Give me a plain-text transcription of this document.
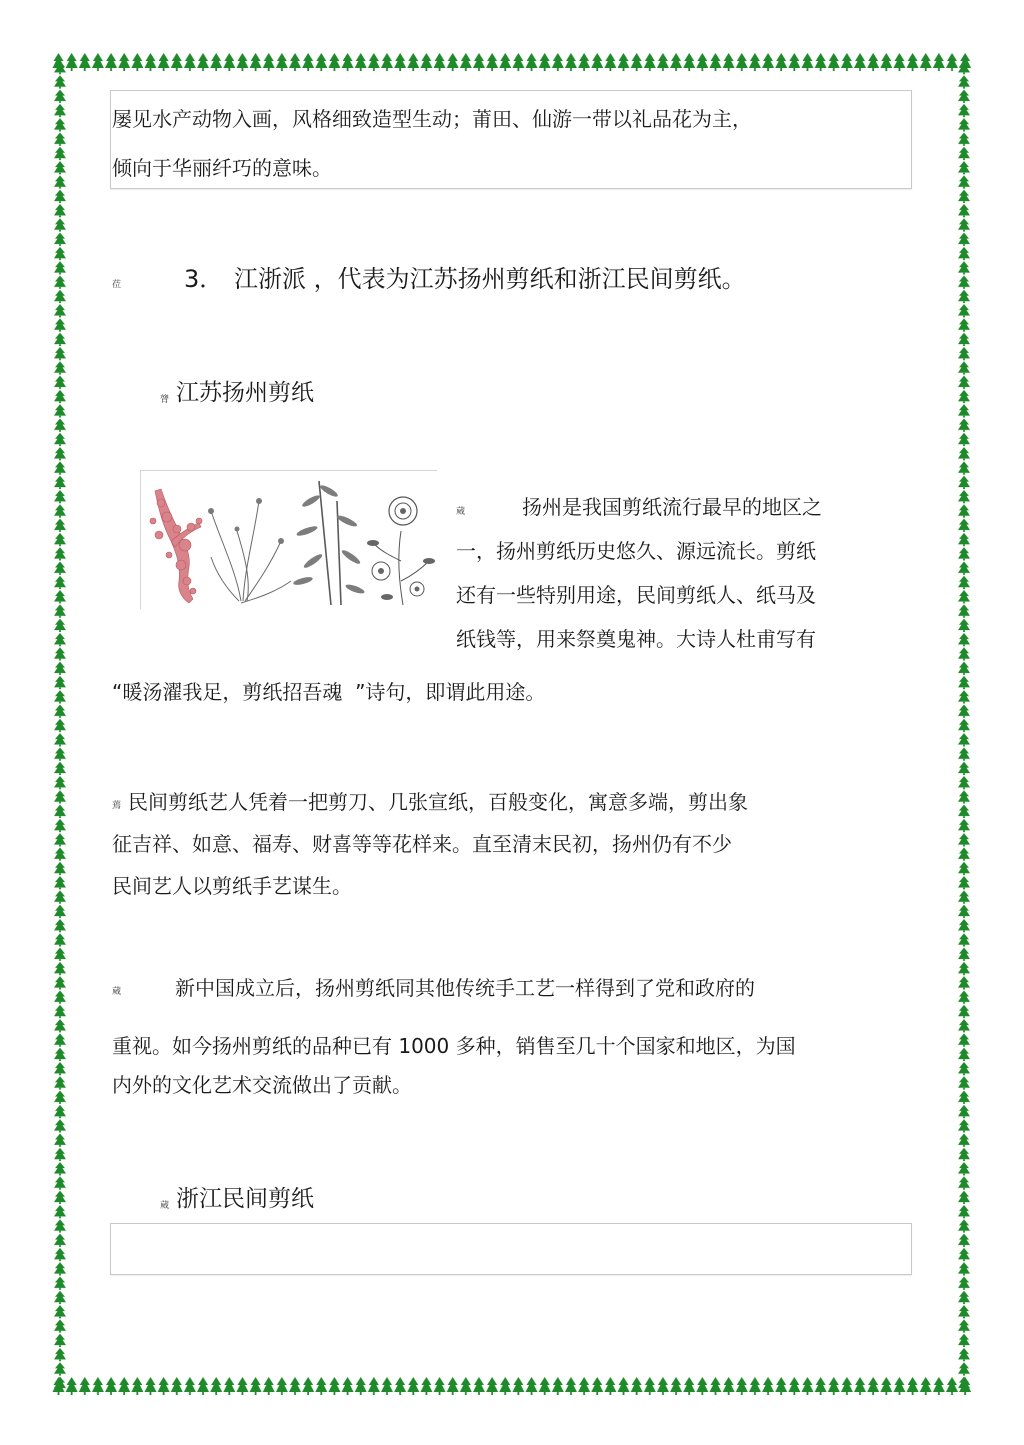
屡见水产动物入画，风格细致造型生动；莆田、仙游一带以礼品花为主，
倾向于华丽纤巧的意味。
莅	3． 江浙派 ，代表为江苏扬州剪纸和浙江民间剪纸。
膂 江苏扬州剪纸
蒇	扬州是我国剪纸流行最早的地区之
一，扬州剪纸历史悠久、源远流长。剪纸
还有一些特别用途，民间剪纸人、纸马及
纸钱等，用来祭奠鬼神。大诗人杜甫写有
“暖汤濯我足，剪纸招吾魂  ”诗句，即谓此用途。
蔫 民间剪纸艺人凭着一把剪刀、几张宣纸，百般变化，寓意多端，剪出象
征吉祥、如意、福寿、财喜等等花样来。直至清末民初，扬州仍有不少
民间艺人以剪纸手艺谋生。
蒇	新中国成立后，扬州剪纸同其他传统手工艺一样得到了党和政府的
重视。如今扬州剪纸的品种已有 1000 多种，销售至几十个国家和地区，为国
内外的文化艺术交流做出了贡献。
蒇 浙江民间剪纸
